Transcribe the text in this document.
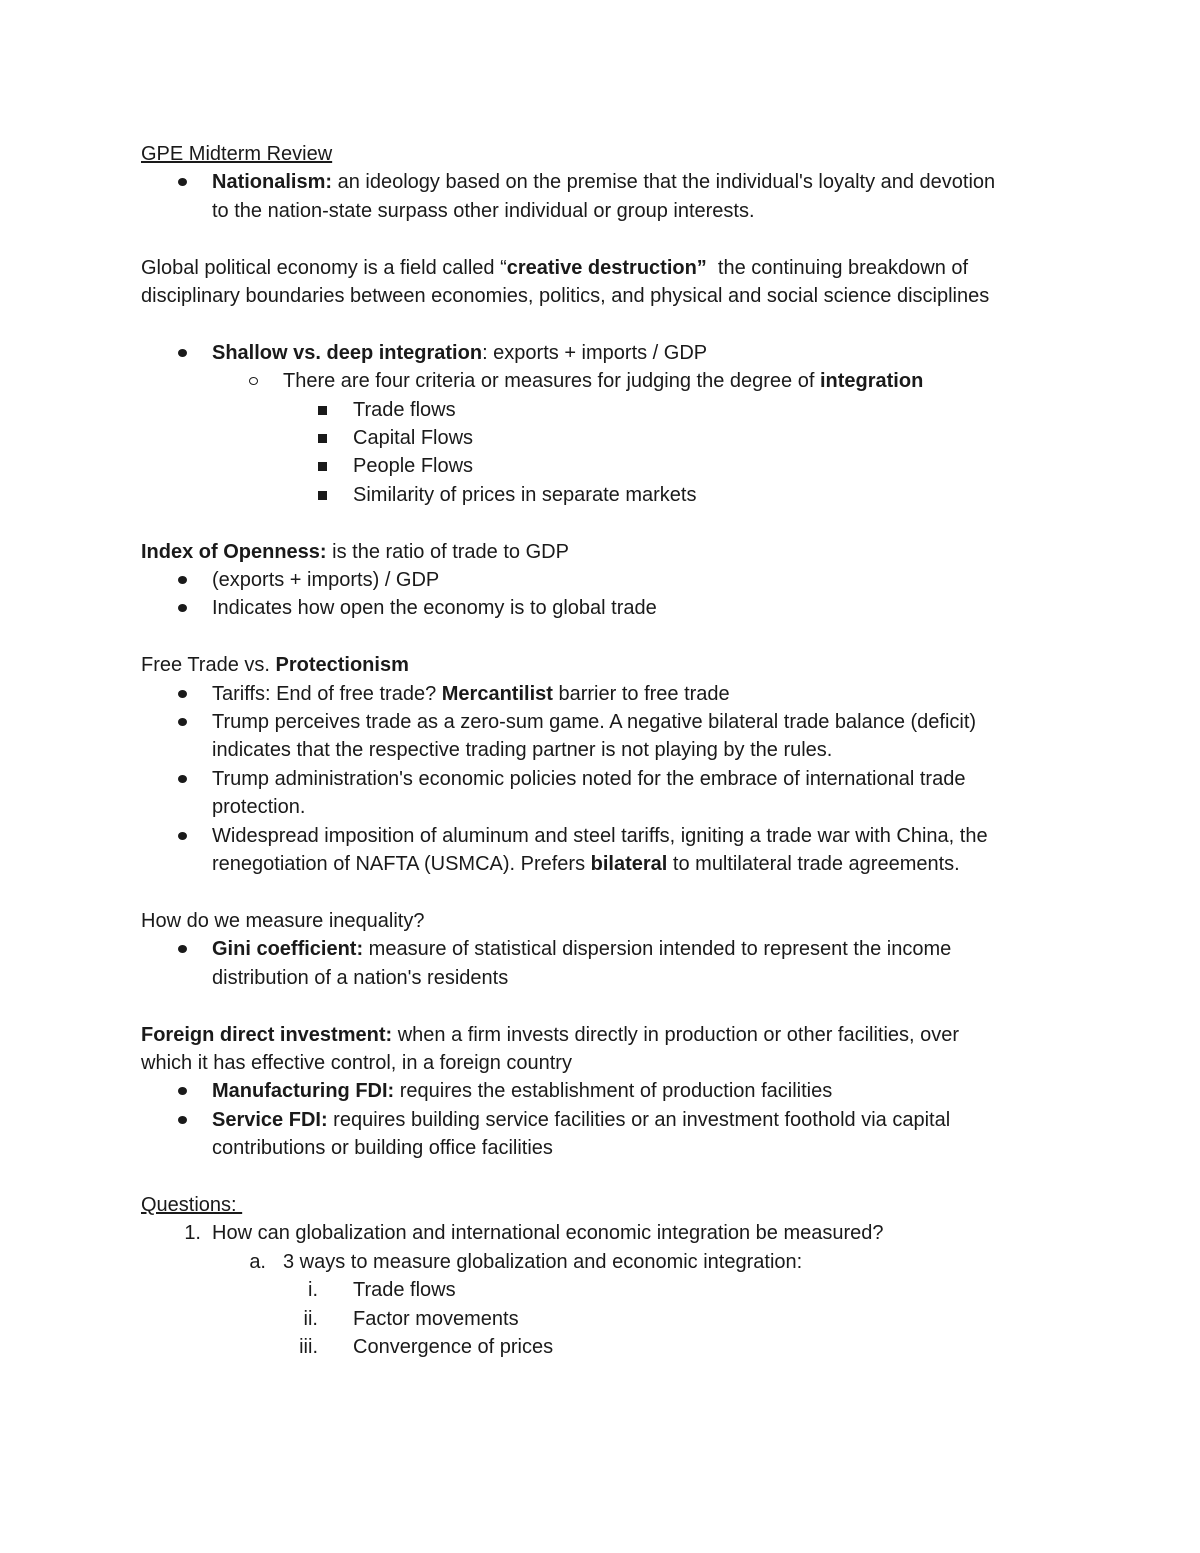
GPE Midterm Review

Nationalism: an ideology based on the premise that the individual's loyalty and devotion

to the nation-state surpass other individual or group interests.

Global political economy is a field called “creative destruction”  the continuing breakdown of

disciplinary boundaries between economies, politics, and physical and social science disciplines

Shallow vs. deep integration: exports + imports / GDP

There are four criteria or measures for judging the degree of integration

Trade flows

Capital Flows

People Flows

Similarity of prices in separate markets

Index of Openness: is the ratio of trade to GDP

(exports + imports) / GDP

Indicates how open the economy is to global trade

Free Trade vs. Protectionism

Tariffs: End of free trade? Mercantilist barrier to free trade

Trump perceives trade as a zero-sum game. A negative bilateral trade balance (deficit)

indicates that the respective trading partner is not playing by the rules.

Trump administration's economic policies noted for the embrace of international trade

protection.

Widespread imposition of aluminum and steel tariffs, igniting a trade war with China, the

renegotiation of NAFTA (USMCA). Prefers bilateral to multilateral trade agreements.

How do we measure inequality?

Gini coefficient: measure of statistical dispersion intended to represent the income

distribution of a nation's residents

Foreign direct investment: when a firm invests directly in production or other facilities, over

which it has effective control, in a foreign country

Manufacturing FDI: requires the establishment of production facilities

Service FDI: requires building service facilities or an investment foothold via capital

contributions or building office facilities

Questions:

1. How can globalization and international economic integration be measured?

a. 3 ways to measure globalization and economic integration:

i.	Trade flows

ii.	Factor movements

iii.	Convergence of prices
